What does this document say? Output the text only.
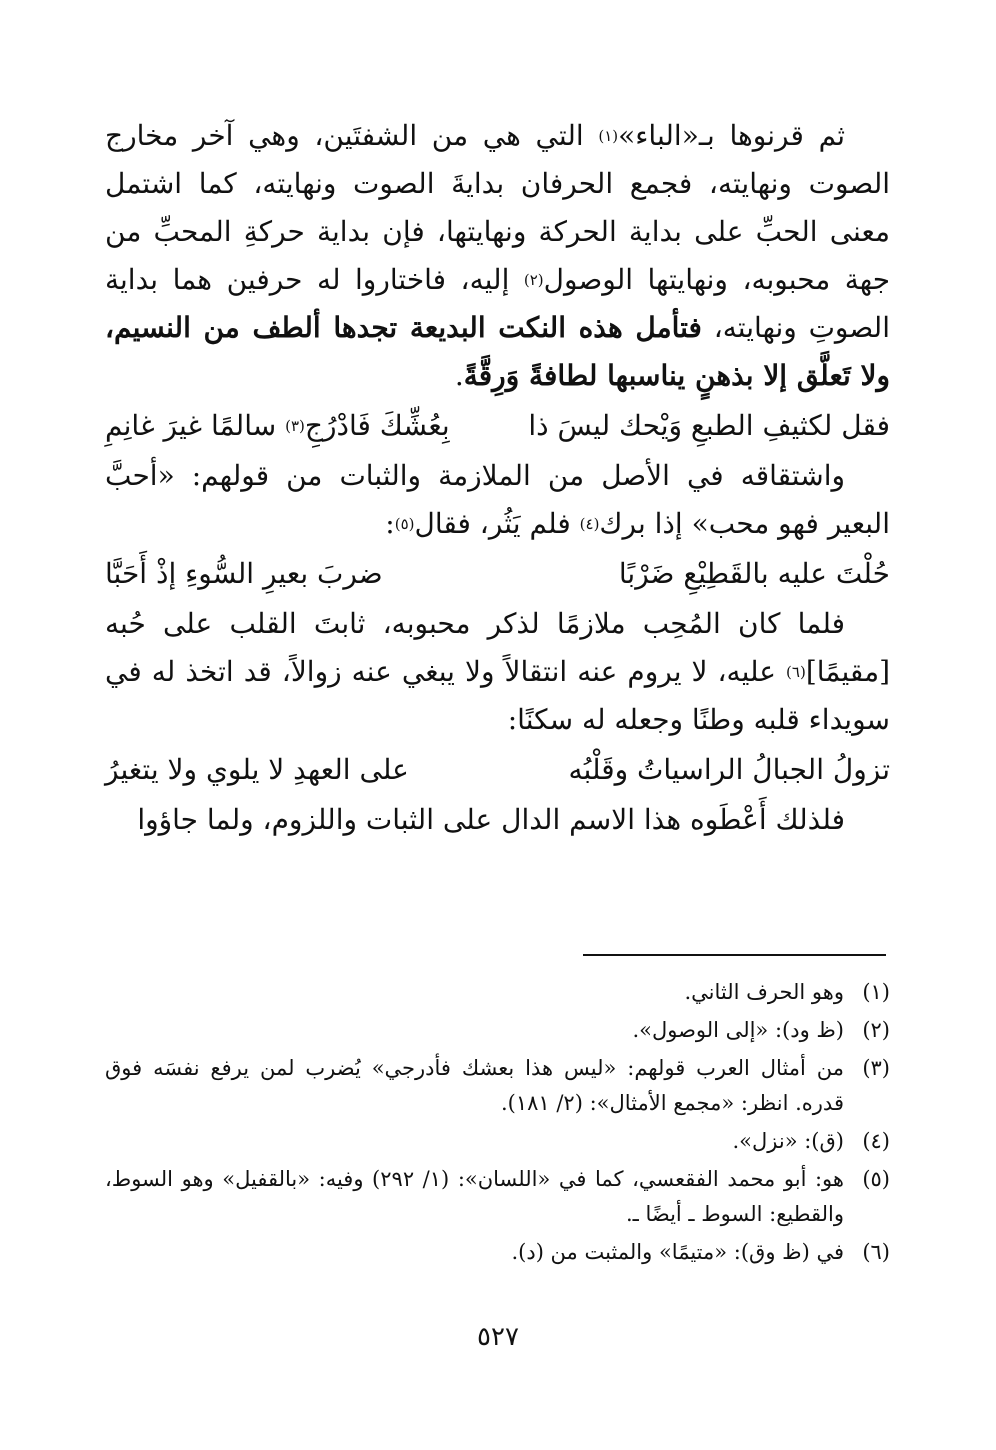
ثم قرنوها بـ«الباء»$^{(١)}$ التي هي من الشفتَين، وهي آخر مخارج الصوت ونهايته، فجمع الحرفان بدايةَ الصوت ونهايته، كما اشتمل معنى الحبِّ على بداية الحركة ونهايتها، فإن بداية حركةِ المحبِّ من جهة محبوبه، ونهايتها الوصول$^{(٢)}$ إليه، فاختاروا له حرفين هما بداية الصوتِ ونهايته، فتأمل هذه النكت البديعة تجدها ألطف من النسيم، ولا تَعلَّق إلا بذهنٍ يناسبها لطافةً وَرِقَّةً.

فقل لكثيفِ الطبعِ وَيْحك ليسَ ذا
بِعُشِّكَ فَادْرُجِ$^{(٣)}$ سالمًا غيرَ غانِمِ

واشتقاقه في الأصل من الملازمة والثبات من قولهم: «أحبَّ البعير فهو محب» إذا برك$^{(٤)}$ فلم يَثُر، فقال$^{(٥)}$:

حُلْتَ عليه بالقَطِيْعِ ضَرْبًا
ضربَ بعيرِ السُّوءِ إذْ أَحَبَّا

فلما كان المُحِب ملازمًا لذكر محبوبه، ثابتَ القلب على حُبه [مقيمًا]$^{(٦)}$ عليه، لا يروم عنه انتقالاً ولا يبغي عنه زوالاً، قد اتخذ له في سويداء قلبه وطنًا وجعله له سكنًا:

تزولُ الجبالُ الراسياتُ وقَلْبُه
على العهدِ لا يلوي ولا يتغيرُ

فلذلك أَعْطَوه هذا الاسم الدال على الثبات واللزوم، ولما جاؤوا

(١)
وهو الحرف الثاني.
(٢)
(ظ ود): «إلى الوصول».
(٣)
من أمثال العرب قولهم: «ليس هذا بعشك فأدرجي» يُضرب لمن يرفع نفسَه فوق قدره. انظر: «مجمع الأمثال»: (٢/ ١٨١).
(٤)
(ق): «نزل».
(٥)
هو: أبو محمد الفقعسي، كما في «اللسان»: (١/ ٢٩٢) وفيه: «بالقفيل» وهو السوط، والقطيع: السوط ـ أيضًا ـ.
(٦)
في (ظ وق): «متيمًا» والمثبت من (د).
٥٢٧
